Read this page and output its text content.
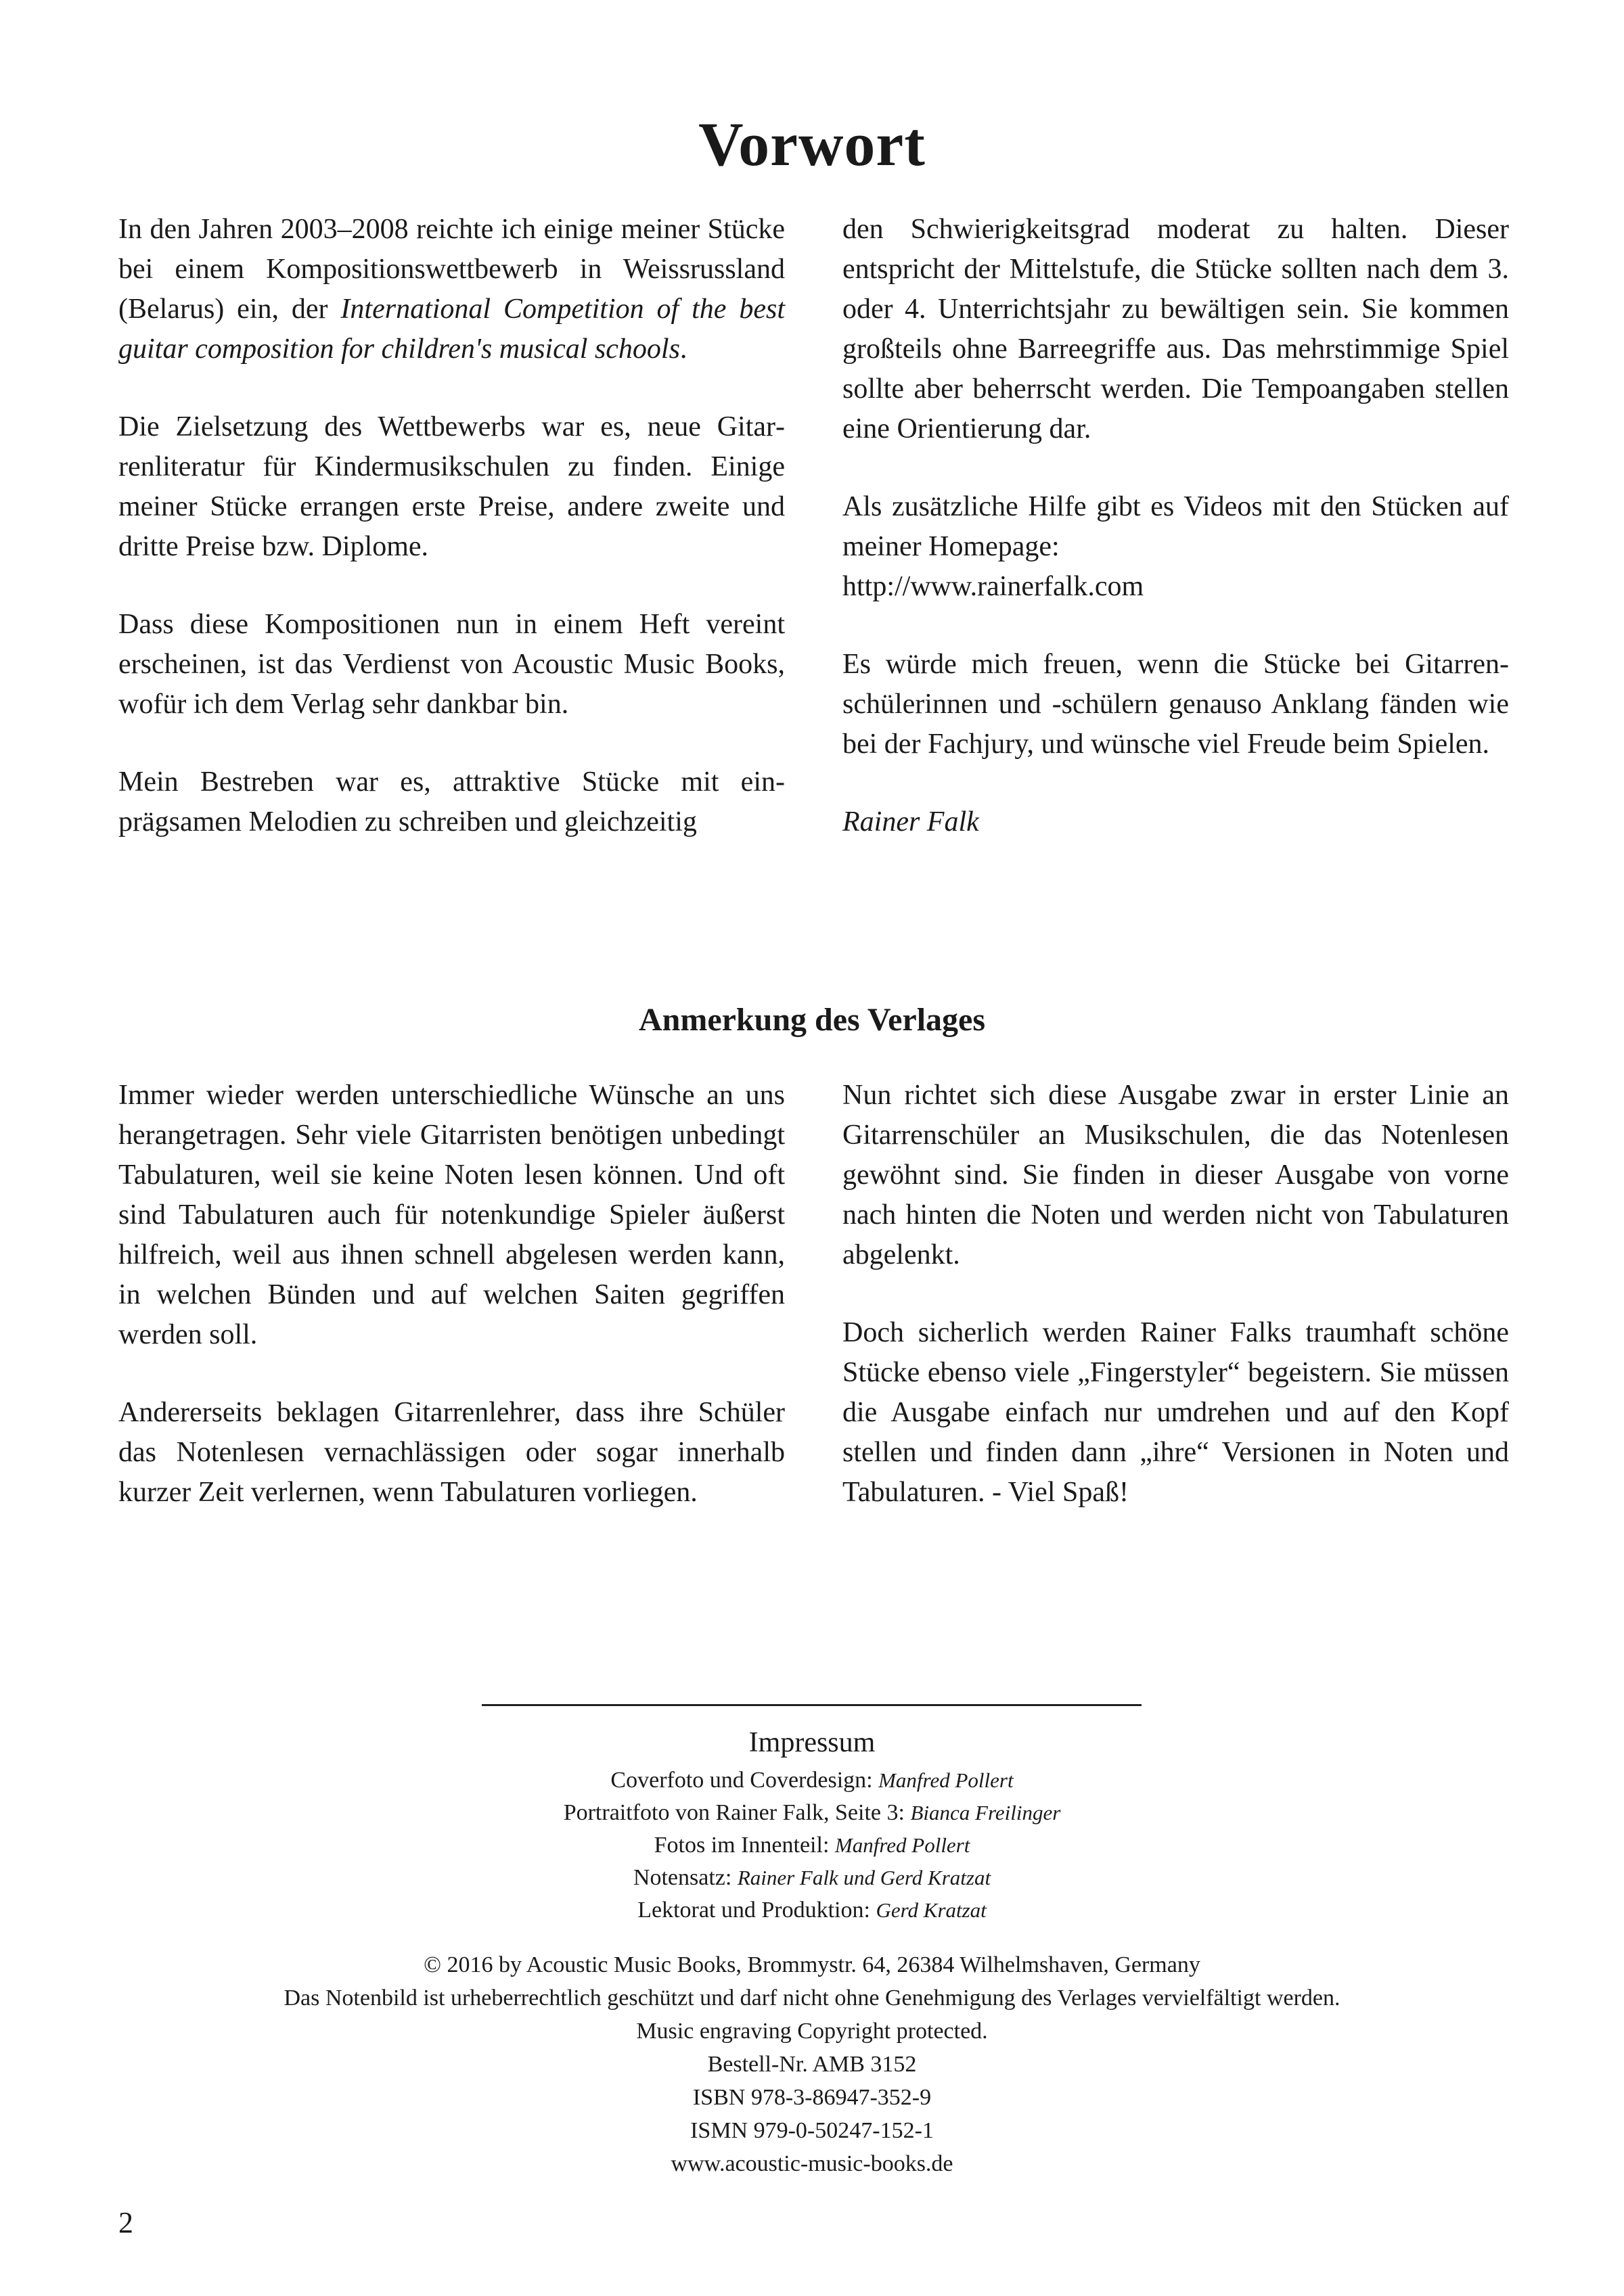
Vorwort

In den Jahren 2003–2008 reichte ich einige meiner Stücke bei einem Kompositionswettbewerb in Weissrussland (Belarus) ein, der International Competition of the best guitar composition for children's musical schools.

Die Zielsetzung des Wettbewerbs war es, neue Gitarrenliteratur für Kindermusikschulen zu finden. Einige meiner Stücke errangen erste Preise, andere zweite und dritte Preise bzw. Diplome.

Dass diese Kompositionen nun in einem Heft vereint erscheinen, ist das Verdienst von Acoustic Music Books, wofür ich dem Verlag sehr dankbar bin.

Mein Bestreben war es, attraktive Stücke mit einprägsamen Melodien zu schreiben und gleichzeitig

den Schwierigkeitsgrad moderat zu halten. Dieser entspricht der Mittelstufe, die Stücke sollten nach dem 3. oder 4. Unterrichtsjahr zu bewältigen sein. Sie kommen großteils ohne Barreegriffe aus. Das mehrstimmige Spiel sollte aber beherrscht werden. Die Tempoangaben stellen eine Orientierung dar.

Als zusätzliche Hilfe gibt es Videos mit den Stücken auf meiner Homepage:
http://www.rainerfalk.com

Es würde mich freuen, wenn die Stücke bei Gitarrenschülerinnen und -schülern genauso Anklang fänden wie bei der Fachjury, und wünsche viel Freude beim Spielen.

Rainer Falk

Anmerkung des Verlages

Immer wieder werden unterschiedliche Wünsche an uns herangetragen. Sehr viele Gitarristen benötigen unbedingt Tabulaturen, weil sie keine Noten lesen können. Und oft sind Tabulaturen auch für notenkundige Spieler äußerst hilfreich, weil aus ihnen schnell abgelesen werden kann, in welchen Bünden und auf welchen Saiten gegriffen werden soll.

Andererseits beklagen Gitarrenlehrer, dass ihre Schüler das Notenlesen vernachlässigen oder sogar innerhalb kurzer Zeit verlernen, wenn Tabulaturen vorliegen.

Nun richtet sich diese Ausgabe zwar in erster Linie an Gitarrenschüler an Musikschulen, die das Notenlesen gewöhnt sind. Sie finden in dieser Ausgabe von vorne nach hinten die Noten und werden nicht von Tabulaturen abgelenkt.

Doch sicherlich werden Rainer Falks traumhaft schöne Stücke ebenso viele „Fingerstyler“ begeistern. Sie müssen die Ausgabe einfach nur umdrehen und auf den Kopf stellen und finden dann „ihre“ Versionen in Noten und Tabulaturen. - Viel Spaß!

Impressum

Coverfoto und Coverdesign: Manfred Pollert

Portraitfoto von Rainer Falk, Seite 3: Bianca Freilinger

Fotos im Innenteil: Manfred Pollert

Notensatz: Rainer Falk und Gerd Kratzat

Lektorat und Produktion: Gerd Kratzat

© 2016 by Acoustic Music Books, Brommystr. 64, 26384 Wilhelmshaven, Germany

Das Notenbild ist urheberrechtlich geschützt und darf nicht ohne Genehmigung des Verlages vervielfältigt werden.

Music engraving Copyright protected.

Bestell-Nr. AMB 3152

ISBN 978-3-86947-352-9

ISMN 979-0-50247-152-1

www.acoustic-music-books.de

2
